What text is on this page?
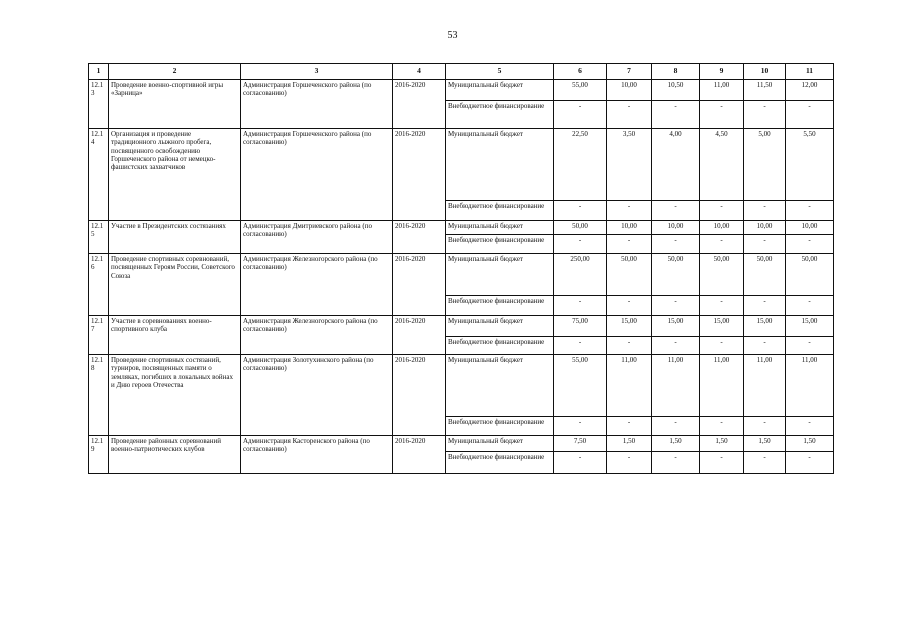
53
1	2	3	4	5	6	7	8	9	10	11
12.13	Проведение военно-спортивной игры «Зарница»	Администрация Горшеченского района (по согласованию)	2016-2020	Муниципальный бюджет	55,00	10,00	10,50	11,00	11,50	12,00
				Внебюджетное финансирование	-	-	-	-	-	-
12.14	Организация и проведение традиционного лыжного пробега, посвященного освобождению Горшеченского района от немецко-фашистских захватчиков	Администрация Горшеченского района (по согласованию)	2016-2020	Муниципальный бюджет	22,50	3,50	4,00	4,50	5,00	5,50
				Внебюджетное финансирование	-	-	-	-	-	-
12.15	Участие в Президентских состязаниях	Администрация Дмитриевского района (по согласованию)	2016-2020	Муниципальный бюджет	50,00	10,00	10,00	10,00	10,00	10,00
				Внебюджетное финансирование	-	-	-	-	-	-
12.16	Проведение спортивных соревнований, посвященных Героям России, Советского Союза	Администрация Железногорского района (по согласованию)	2016-2020	Муниципальный бюджет	250,00	50,00	50,00	50,00	50,00	50,00
				Внебюджетное финансирование	-	-	-	-	-	-
12.17	Участие в соревнованиях военно-спортивного клуба	Администрация Железногорского района (по согласованию)	2016-2020	Муниципальный бюджет	75,00	15,00	15,00	15,00	15,00	15,00
				Внебюджетное финансирование	-	-	-	-	-	-
12.18	Проведение спортивных состязаний, турниров, посвященных памяти о земляках, погибших в локальных войнах и Дню героев Отечества	Администрация Золотухинского района (по согласованию)	2016-2020	Муниципальный бюджет	55,00	11,00	11,00	11,00	11,00	11,00
				Внебюджетное финансирование	-	-	-	-	-	-
12.19	Проведение районных соревнований военно-патриотических клубов	Администрация Касторенского района (по согласованию)	2016-2020	Муниципальный бюджет	7,50	1,50	1,50	1,50	1,50	1,50
				Внебюджетное финансирование	-	-	-	-	-	-
